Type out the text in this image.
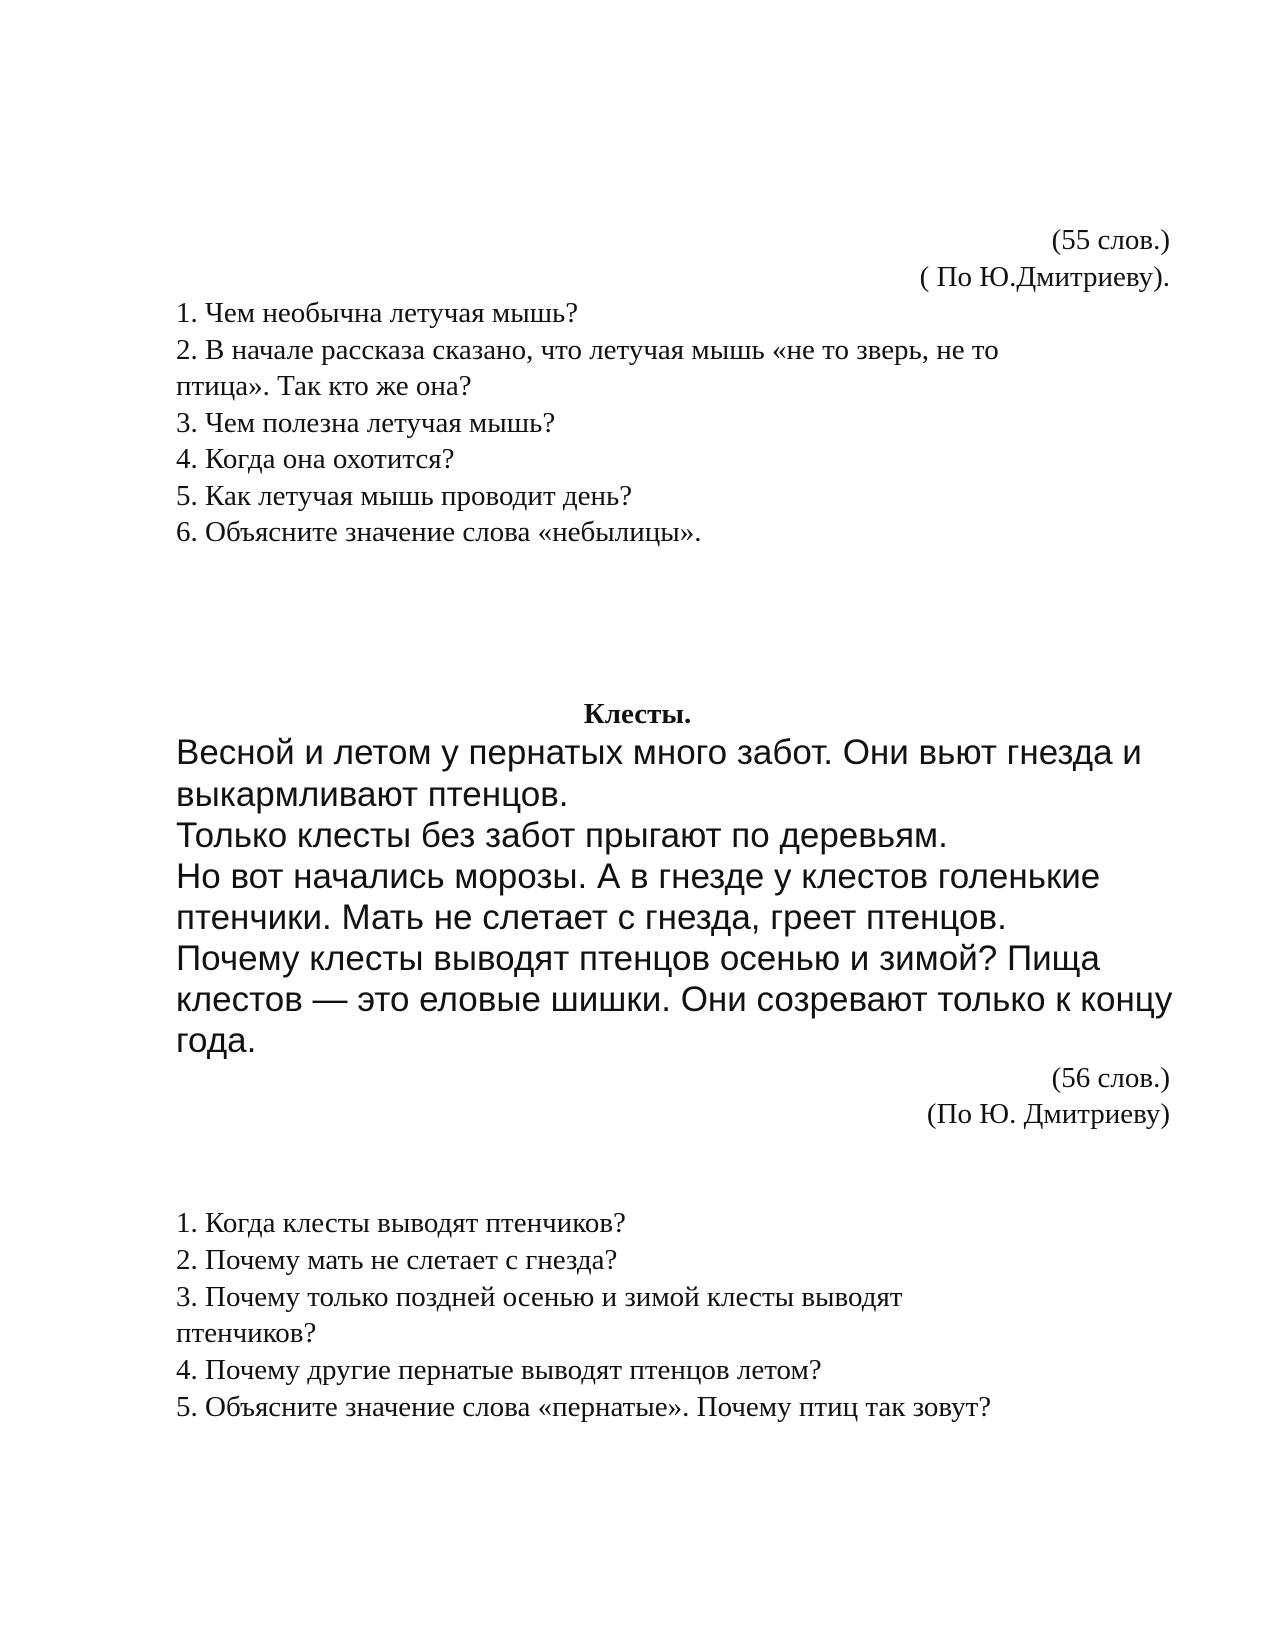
(55 слов.)
( По Ю.Дмитриеву).

1. Чем необычна летучая мышь?

2. В начале рассказа сказано, что летучая мышь «не то зверь, не то

птица». Так кто же она?

3. Чем полезна летучая мышь?

4. Когда она охотится?

5. Как летучая мышь проводит день?

6. Объясните значение слова «небылицы».

Клесты.

Весной и летом у пернатых много забот. Они вьют гнезда и

выкармливают птенцов.

Только клесты без забот прыгают по деревьям.

Но вот начались морозы. А в гнезде у клестов голенькие

птенчики. Мать не слетает с гнезда, греет птенцов.

Почему клесты выводят птенцов осенью и зимой? Пища

клестов — это еловые шишки. Они созревают только к концу

года.

(56 слов.)
(По Ю. Дмитриеву)

1. Когда клесты выводят птенчиков?

2. Почему мать не слетает с гнезда?

3. Почему только поздней осенью и зимой клесты выводят

птенчиков?

4. Почему другие пернатые выводят птенцов летом?

5. Объясните значение слова «пернатые». Почему птиц так зовут?
